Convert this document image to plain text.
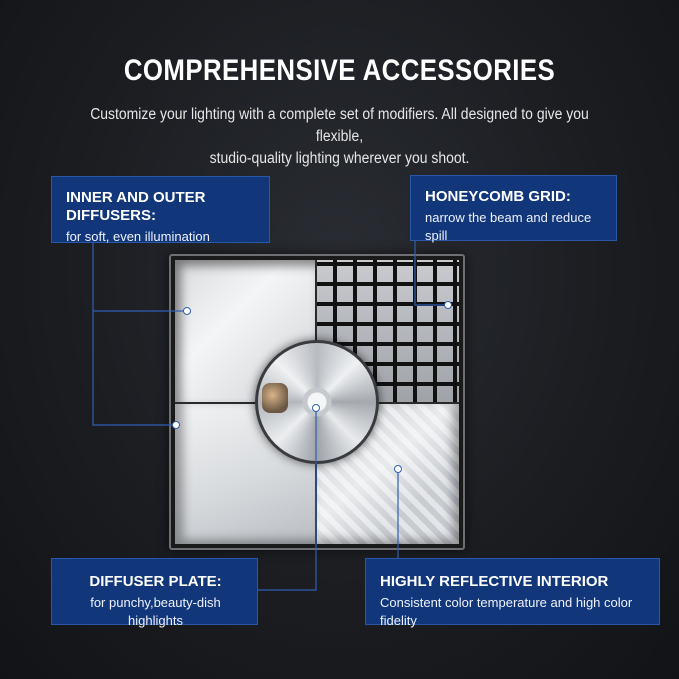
COMPREHENSIVE ACCESSORIES
Customize your lighting with a complete set of modifiers. All designed to give you flexible,
studio-quality lighting wherever you shoot.
INNER AND OUTER DIFFUSERS:
for soft, even illumination
HONEYCOMB GRID:
narrow the beam and reduce spill
DIFFUSER PLATE:
for punchy,beauty-dish highlights
HIGHLY REFLECTIVE INTERIOR
Consistent color temperature and high color fidelity
